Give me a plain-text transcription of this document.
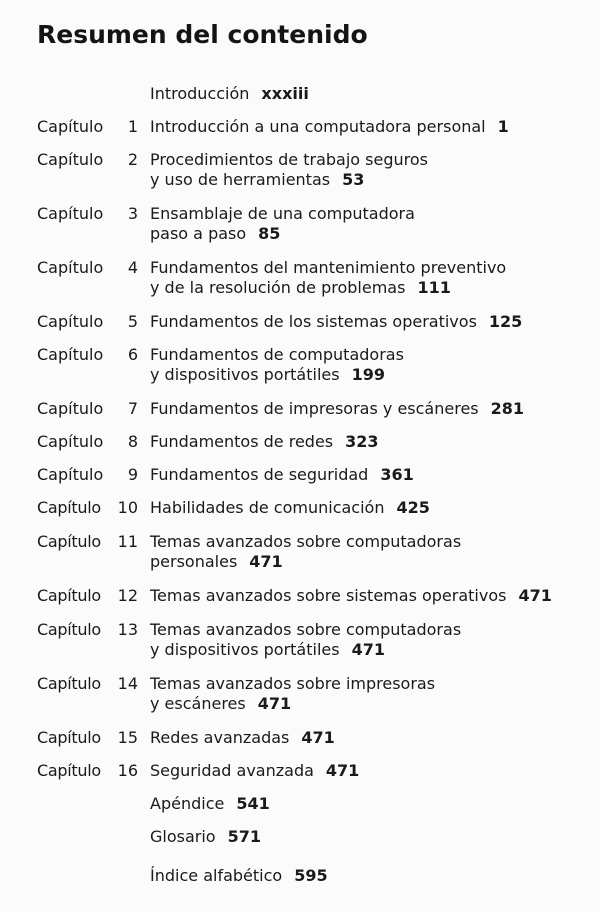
Resumen del contenido
Introducción xxxiii
Capítulo	1 Introducción a una computadora personal 1
Capítulo	2 Procedimientos de trabajo seguros
y uso de herramientas 53
Capítulo	3 Ensamblaje de una computadora
paso a paso 85
Capítulo	4 Fundamentos del mantenimiento preventivo
y de la resolución de problemas 111
Capítulo	5 Fundamentos de los sistemas operativos 125
Capítulo	6 Fundamentos de computadoras
y dispositivos portátiles 199
Capítulo	7 Fundamentos de impresoras y escáneres 281
Capítulo	8 Fundamentos de redes 323
Capítulo	9 Fundamentos de seguridad 361
Capítulo	10 Habilidades de comunicación 425
Capítulo	11 Temas avanzados sobre computadoras
personales 471
Capítulo	12 Temas avanzados sobre sistemas operativos 471
Capítulo	13 Temas avanzados sobre computadoras
y dispositivos portátiles 471
Capítulo	14 Temas avanzados sobre impresoras
y escáneres 471
Capítulo	15 Redes avanzadas 471
Capítulo	16 Seguridad avanzada 471
Apéndice 541
Glosario 571
Índice alfabético 595
